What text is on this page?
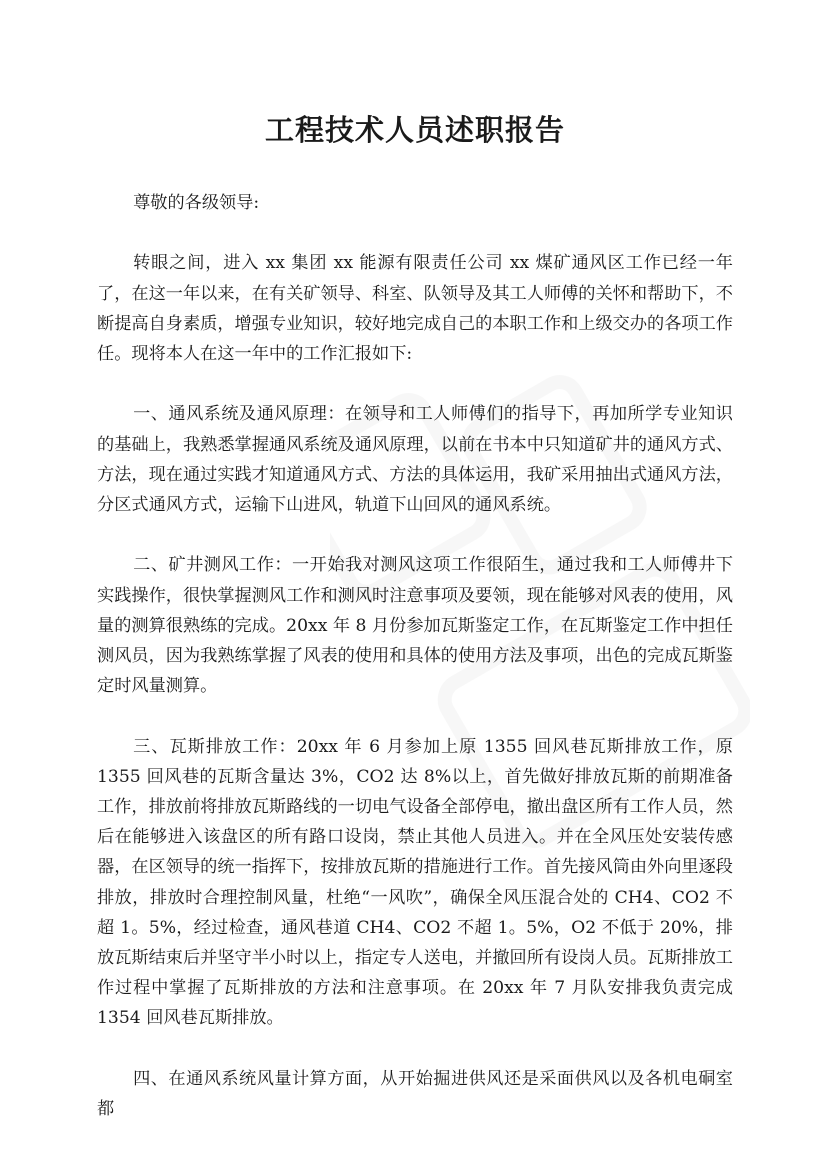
工程技术人员述职报告

尊敬的各级领导:

转眼之间，进入 xx 集团 xx 能源有限责任公司 xx 煤矿通风区工作已经一年了，在这一年以来，在有关矿领导、科室、队领导及其工人师傅的关怀和帮助下，不断提高自身素质，增强专业知识，较好地完成自己的本职工作和上级交办的各项工作任。现将本人在这一年中的工作汇报如下:

一、通风系统及通风原理：在领导和工人师傅们的指导下，再加所学专业知识的基础上，我熟悉掌握通风系统及通风原理，以前在书本中只知道矿井的通风方式、方法，现在通过实践才知道通风方式、方法的具体运用，我矿采用抽出式通风方法，分区式通风方式，运输下山进风，轨道下山回风的通风系统。

二、矿井测风工作：一开始我对测风这项工作很陌生，通过我和工人师傅井下实践操作，很快掌握测风工作和测风时注意事项及要领，现在能够对风表的使用，风量的测算很熟练的完成。20xx 年 8 月份参加瓦斯鉴定工作，在瓦斯鉴定工作中担任测风员，因为我熟练掌握了风表的使用和具体的使用方法及事项，出色的完成瓦斯鉴定时风量测算。

三、瓦斯排放工作：20xx 年 6 月参加上原 1355 回风巷瓦斯排放工作，原 1355 回风巷的瓦斯含量达 3%，CO2 达 8%以上，首先做好排放瓦斯的前期准备工作，排放前将排放瓦斯路线的一切电气设备全部停电，撤出盘区所有工作人员，然后在能够进入该盘区的所有路口设岗，禁止其他人员进入。并在全风压处安装传感器，在区领导的统一指挥下，按排放瓦斯的措施进行工作。首先接风筒由外向里逐段排放，排放时合理控制风量，杜绝“一风吹”，确保全风压混合处的 CH4、CO2 不超 1。5%，经过检查，通风巷道 CH4、CO2 不超 1。5%，O2 不低于 20%，排放瓦斯结束后并坚守半小时以上，指定专人送电，并撤回所有设岗人员。瓦斯排放工作过程中掌握了瓦斯排放的方法和注意事项。在 20xx 年 7 月队安排我负责完成 1354 回风巷瓦斯排放。

四、在通风系统风量计算方面，从开始掘进供风还是采面供风以及各机电硐室都
